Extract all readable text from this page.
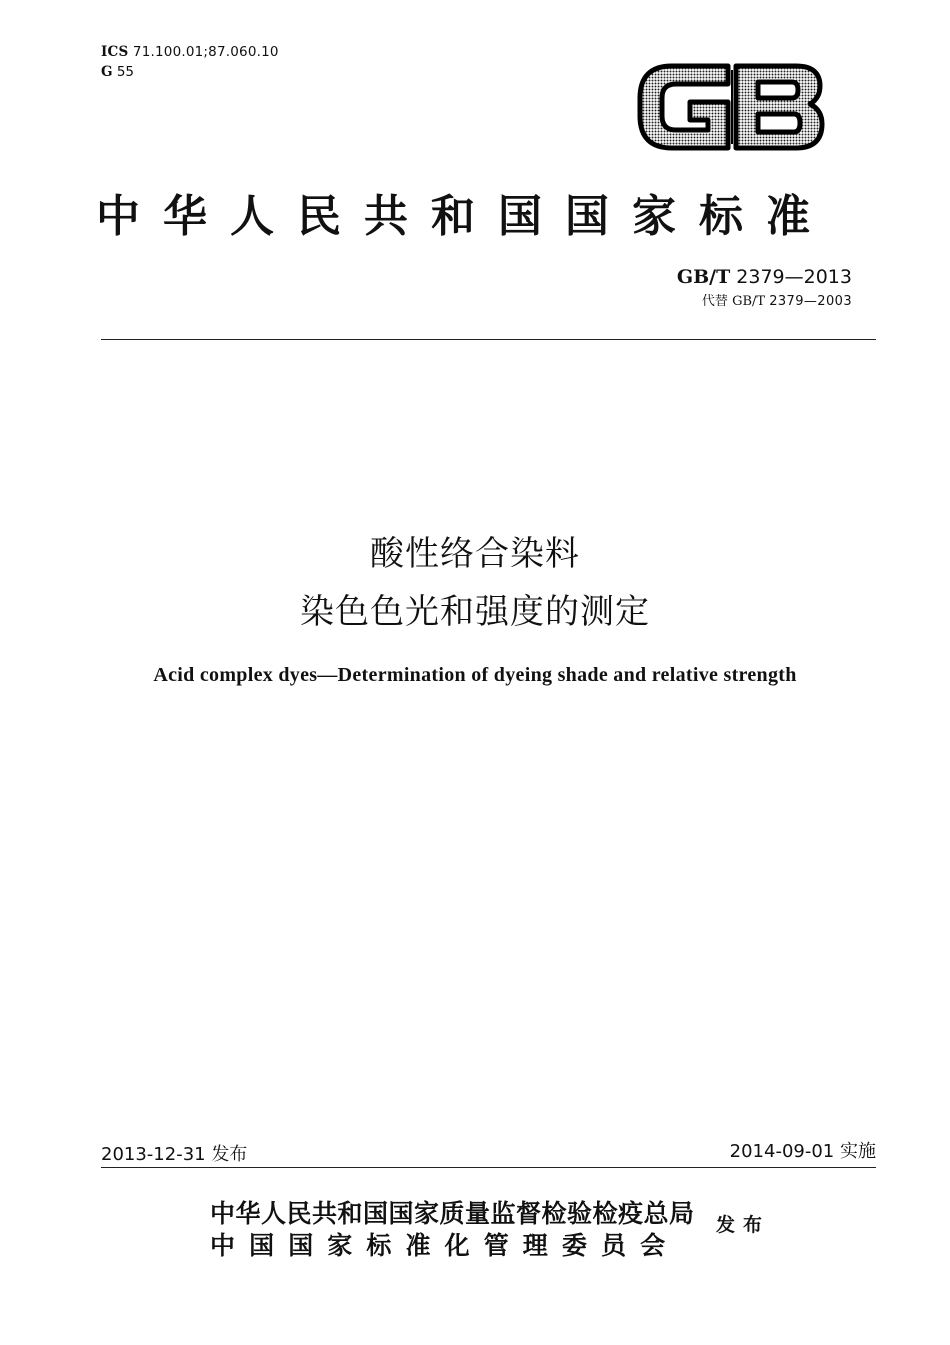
ICS 71.100.01;87.060.10
G 55
中华人民共和国国家标准
GB/T 2379—2013
代替 GB/T 2379—2003
酸性络合染料
染色色光和强度的测定
Acid complex dyes—Determination of dyeing shade and relative strength
2013-12-31 发布	2014-09-01 实施
中华人民共和国国家质量监督检验检疫总局
中国国家标准化管理委员会
发布
